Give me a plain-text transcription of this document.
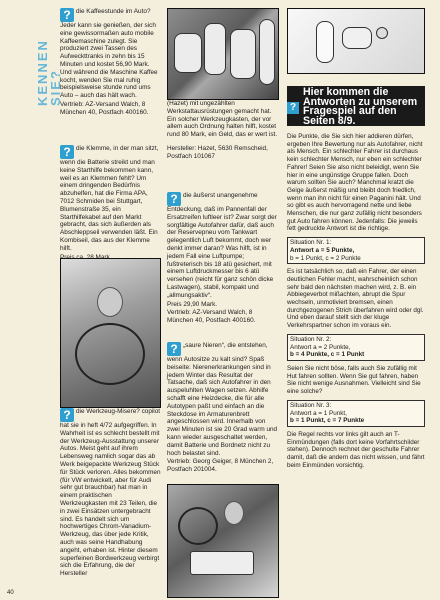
KENNEN SIE?

? die Kaffeestunde im Auto? Jeder kann sie genießen, der sich eine gewissormaßen auto mobile Kaffeemaschine zulegt. Sie produziert zwei Tassen des Aufweckttranks in zehn bis 15 Minuten und kostet 56,90 Mark. Und während die Maschine Kaffee kocht, wenden Sie mal ruhig beispielsweise stunde rund ums Auto – auch das hält wach.

Vertrieb: AZ-Versand Walch, 8 München 40, Postfach 400160.

? die Klemme, in der man sitzt, wenn die Batterie streikt und man keine Starthilfe bekommen kann, weil es an Klemmen fehlt? Um einem dringenden Bedürfnis abzuhelfen, hat die Firma APA, 7012 Schmiden bei Stuttgart, Blumenstraße 35, ein Starthilfekabel auf den Markt gebracht, das sich äußerden als Abschleppseil verwenden läßt. Ein Kombiseil, das aus der Klemme hilft.

? die Werkzeug-Misere? copilot hat sie in heft 4/72 aufgegriffen. In Wahrheit ist es schlecht bestellt mit der Werkzeug-Ausstattung unserer Autos. Meist geht auf ihrem Lebensweg namlich sogar das ab Werk beigepackte Werkzeug Stück für Stück verloren. Alles bekommen (für VW entwickelt, aber für Audi sehr gut brauchbar) hat man in einem praktischen Werkzeugkasten mit 23 Teilen, die in zwei Einsätzen untergebracht sind. Es handelt sich um hochwertiges Chrom-Vanadium-Werkzeug, das über jede Kritik, auch was seine Handhabung angeht, erhaben ist. Hinter diesem superfeinen Bordwerkzeug verbirgt sich die Erfahrung, die der Hersteller

(Hazet) mit ungezählten Werkstattausrüstungen gemacht hat. Ein solcher Werkzeugkasten, der vor allem auch Ordnung halten hilft, kostet rund 80 Mark, ein Geld, das er wert ist.

Hersteller: Hazet, 5630 Remscheid, Postfach 101067

? die äußerst unangenehme Entdeckung, daß im Pannenfall der Ersatzreifen luftleer ist? Zwar sorgt der sorgfältige Autofahrer dafür, daß auch der Reservepneu vom Tankwart gelegentlich Luft bekommt, doch wer denkt immer daran? Was hilft, ist in jedem Fall eine Luftpumpe; fußtreterisch bis 18 atü gesichert, mit einem Luftdruckmesser bis 6 atü versehen (reicht für ganz schön dicke Lastwagen), stabil, kompakt und „allmungsaktiv“.

Preis 29,90 Mark.

Vertrieb: AZ-Versand Walch, 8 München 40, Postfach 400160.

? „saure Nieren“, die entstehen, wenn Autositze zu kalt sind? Spaß beiseite: Nierenerkrankungen sind in jedem Winter das Resultat der Tatsache, daß sich Autofahrer in den auspeluhlten Wagen setzen. Abhilfe schafft eine Heizdecke, die für alle Autotypen paßt und einfach an die Steckdose im Armaturenbrett angeschlossen wird. Innerhalb von zwei Minuten ist sie 20 Grad warm und kann wieder ausgeschaltet werden, damit Batterie und Bordnetz nicht zu hoch belastet sind.

Vertrieb: Georg Geiger, 8 München 2, Postfach 201004.

?
Hier kommen die Antworten zu unserem Fragespiel auf den Seiten 8/9.

Die Punkte, die Sie sich hier addieren dürfen, ergeben Ihre Bewertung nur als Autofahrer, nicht als Mensch. Ein schlechter Fahrer ist durchaus kein schlechter Mensch, nur eben ein schlechter Fahrer! Seien Sie also nicht beleidigt, wenn Sie hier in eine ungünstige Gruppe fallen. Doch warum sollten Sie auch? Manchmal kratzt die Geige äußerst mäßig und bleibt doch friedlich, wenn man ihn nicht für einen Paganini hält. Und so gibt es auch hervorragend nette und liebe Menschen, die nur ganz zufällig nicht besonders gut Auto fahren können. Jedenfalls: Die jeweils fett gedruckte Antwort ist die richtige.

Situation Nr. 1:
Antwort a = 5 Punkte,
b = 1 Punkt, c = 2 Punkte

Es ist tatsächlich so, daß ein Fahrer, der einen deutlichen Fehler macht, wahrscheinlich schon sehr bald den nächsten machen wird, z. B. ein Abbiegeverbot mißachten, abrupt die Spur wechseln, unmotiviert bremsen, einen durchgezogenen Strich überfahren wird oder dgl. Und eben darauf stellt sich der kluge Verkehrspartner schon im voraus ein.

Situation Nr. 2:
Antwort a = 2 Punkte,
b = 4 Punkte, c = 1 Punkt

Seien Sie nicht böse, falls auch Sie zufällig mit Hut fahren sollten. Wenn Sie gut fahren, haben Sie nicht wenige Ausnahmen. Vielleicht sind Sie eine solche?

Situation Nr. 3:
Antwort a = 1 Punkt,
b = 1 Punkt, c = 7 Punkte

Die Regel rechts vor links gilt auch an T-Einmündungen (falls dort keine Vorfahrtschilder stehen). Dennoch rechnet der geschulte Fahrer damit, daß die andern das nicht wissen, und fährt beim Einmünden vorsichtig.

40
